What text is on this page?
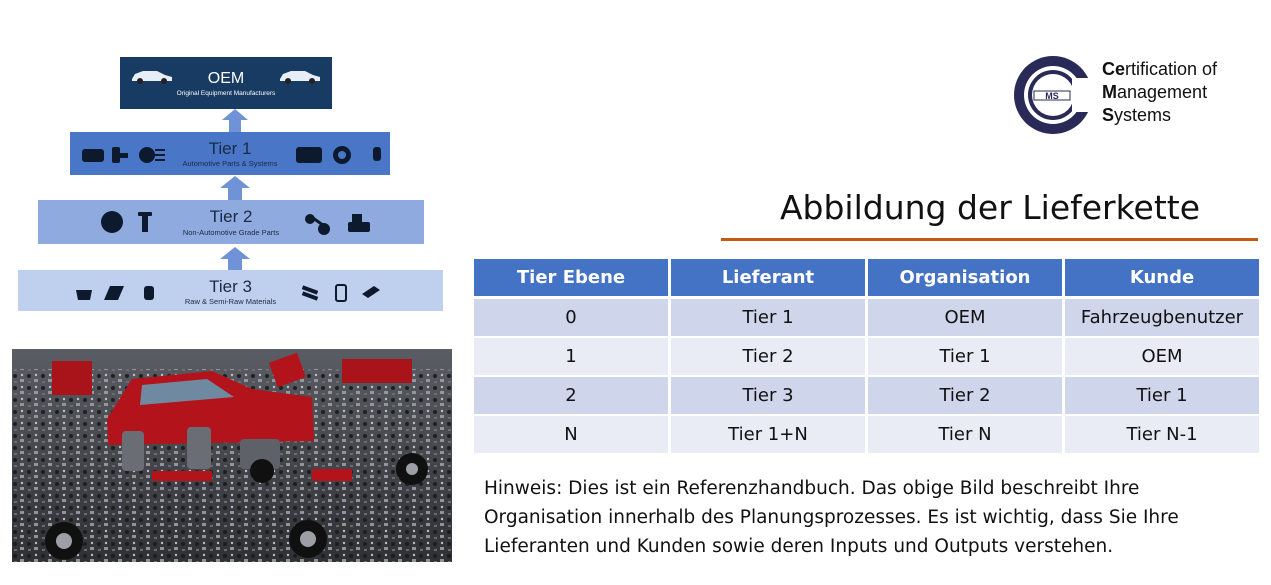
OEM
Original Equipment Manufacturers
Tier 1
Automotive Parts & Systems
Tier 2
Non-Automotive Grade Parts
Tier 3
Raw & Semi-Raw Materials
MS
Certification of
Management
Systems
Abbildung der Lieferkette
Tier Ebene	Lieferant	Organisation	Kunde
0	Tier 1	OEM	Fahrzeugbenutzer
1	Tier 2	Tier 1	OEM
2	Tier 3	Tier 2	Tier 1
N	Tier 1+N	Tier N	Tier N-1
Hinweis: Dies ist ein Referenzhandbuch. Das obige Bild beschreibt Ihre
Organisation innerhalb des Planungsprozesses. Es ist wichtig, dass Sie Ihre
Lieferanten und Kunden sowie deren Inputs und Outputs verstehen.
